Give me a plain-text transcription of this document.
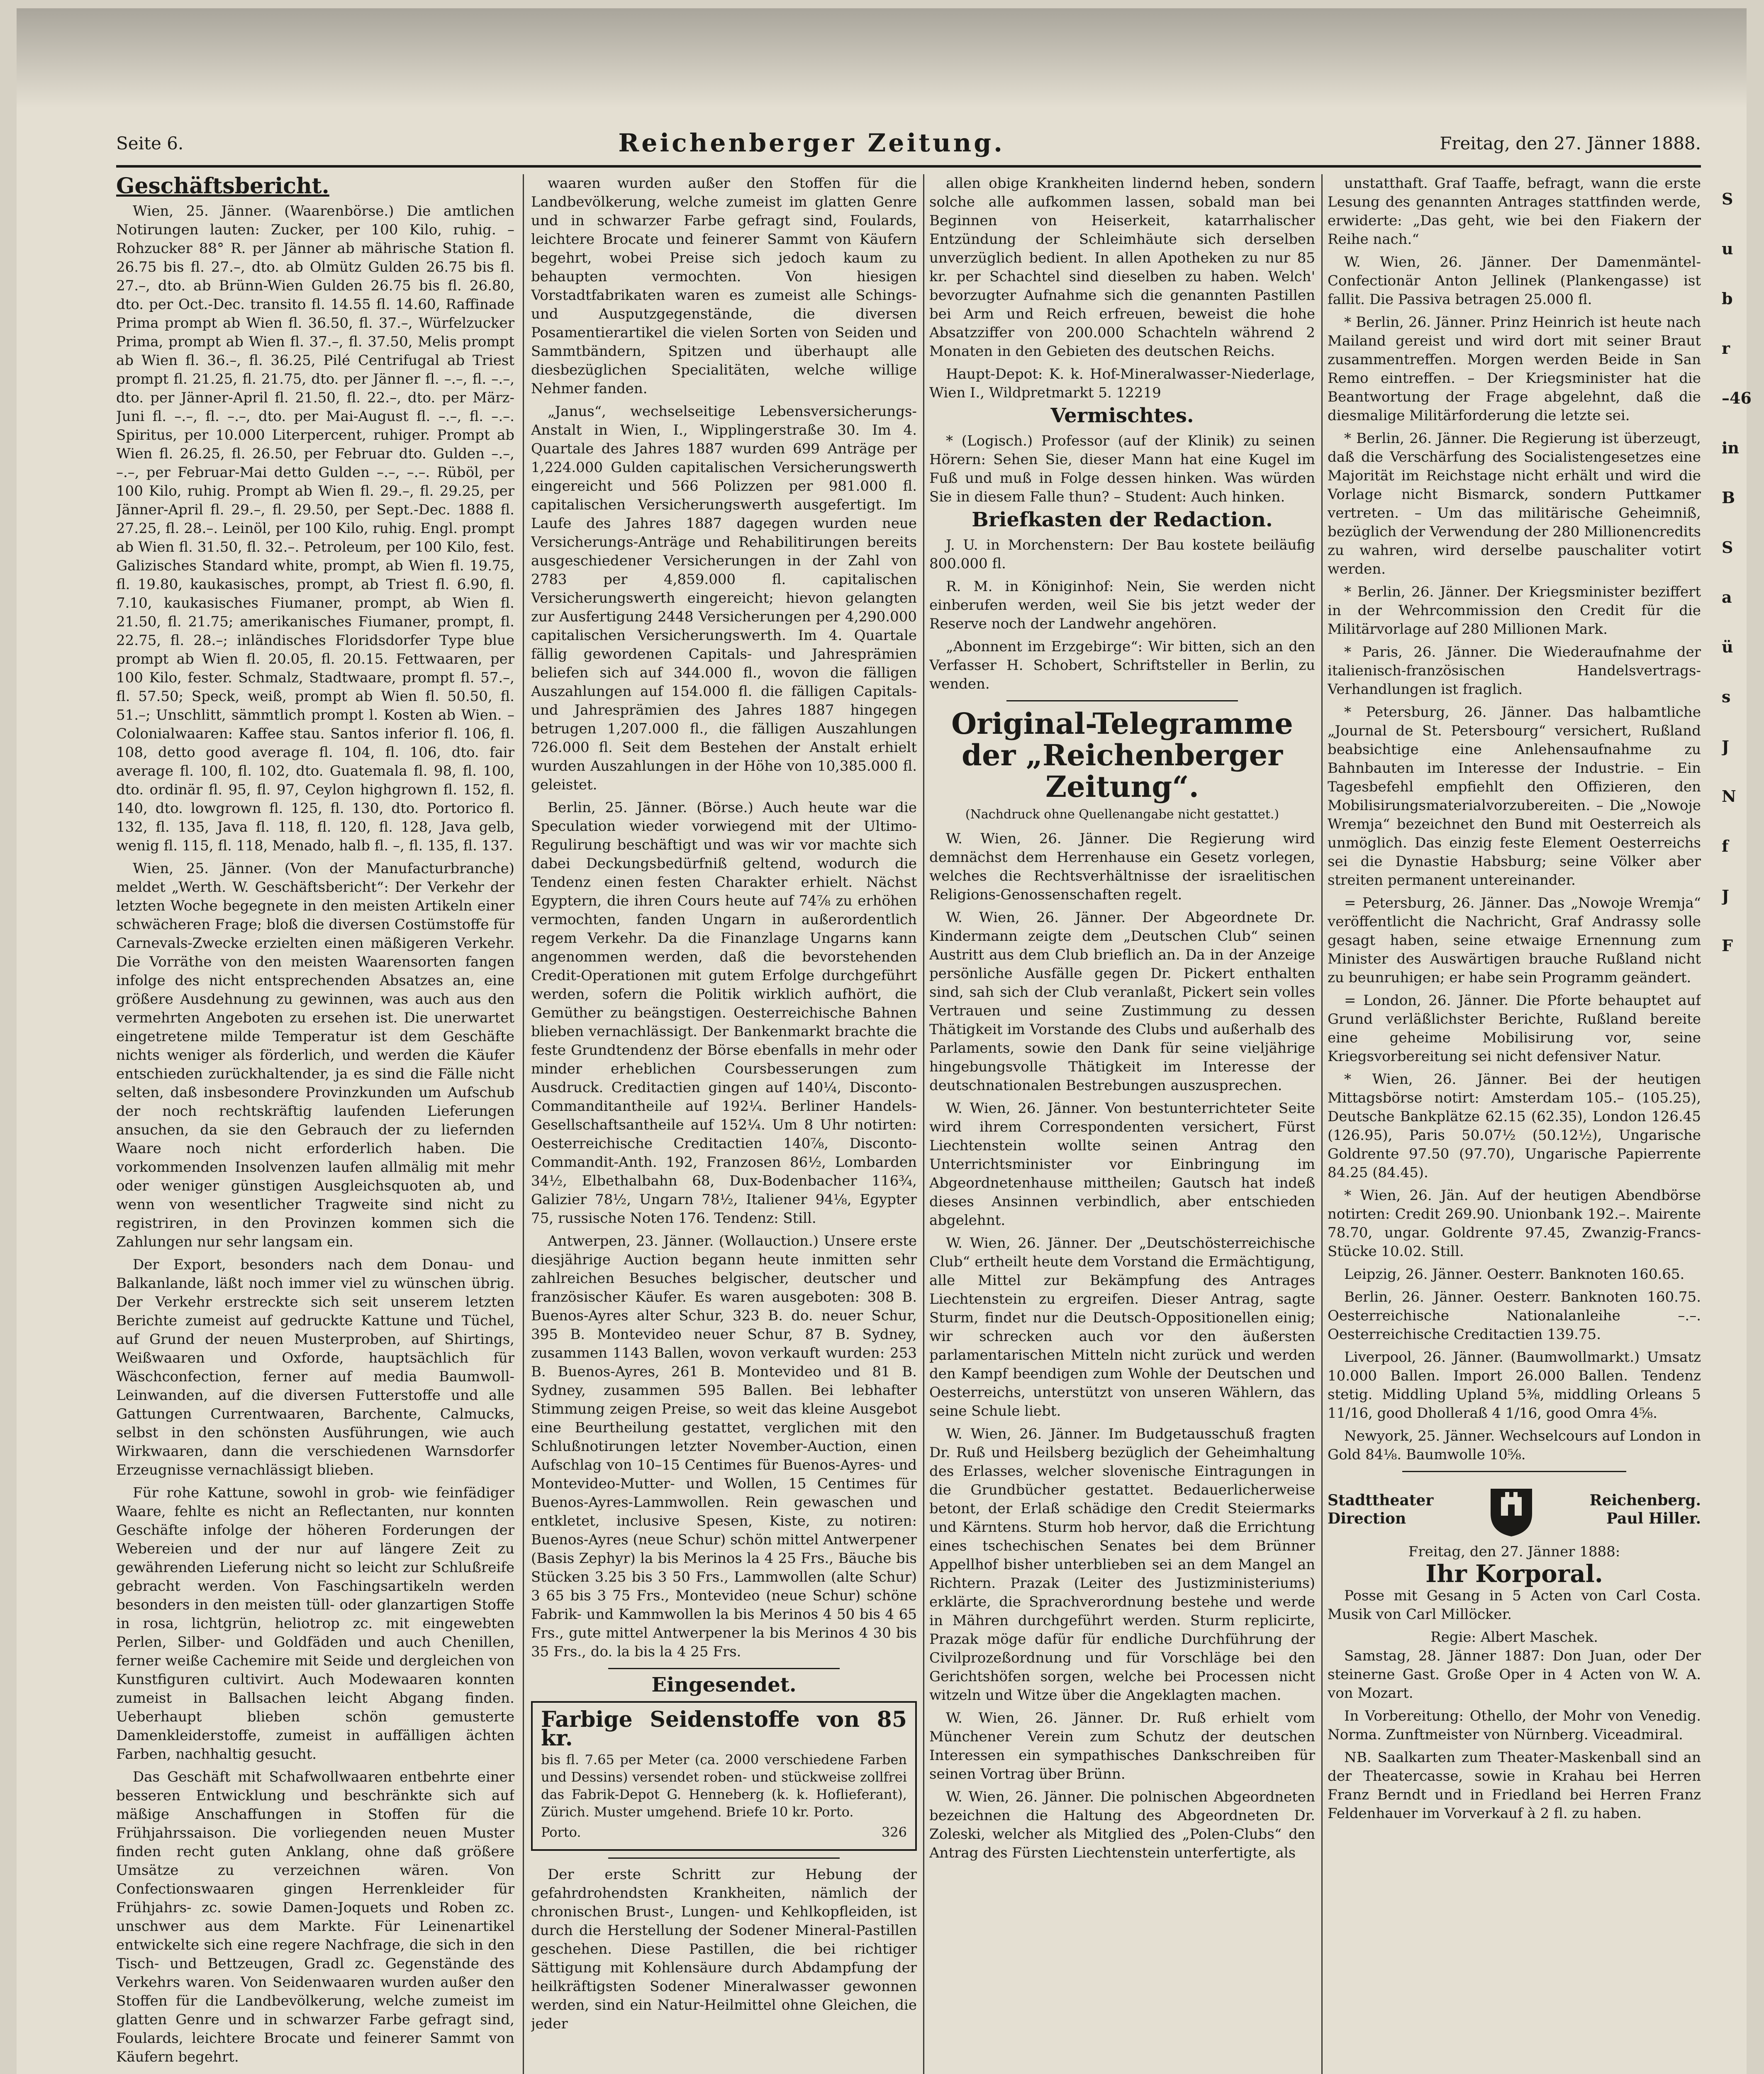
Seite 6.	Reichenberger Zeitung.	Freitag, den 27. Jänner 1888.
Geschäftsbericht.

Wien, 25. Jänner. (Waarenbörse.) Die amtlichen Notirungen lauten: Zucker, per 100 Kilo, ruhig. – Rohzucker 88° R. per Jänner ab mährische Station fl. 26.75 bis fl. 27.–, dto. ab Olmütz Gulden 26.75 bis fl. 27.–, dto. ab Brünn-Wien Gulden 26.75 bis fl. 26.80, dto. per Oct.-Dec. transito fl. 14.55 fl. 14.60, Raffinade Prima prompt ab Wien fl. 36.50, fl. 37.–, Würfelzucker Prima, prompt ab Wien fl. 37.–, fl. 37.50, Melis prompt ab Wien fl. 36.–, fl. 36.25, Pilé Centrifugal ab Triest prompt fl. 21.25, fl. 21.75, dto. per Jänner fl. –.–, fl. –.–, dto. per Jänner-April fl. 21.50, fl. 22.–, dto. per März-Juni fl. –.–, fl. –.–, dto. per Mai-August fl. –.–, fl. –.–. Spiritus, per 10.000 Literpercent, ruhiger. Prompt ab Wien fl. 26.25, fl. 26.50, per Februar dto. Gulden –.–, –.–, per Februar-Mai detto Gulden –.–, –.–. Rüböl, per 100 Kilo, ruhig. Prompt ab Wien fl. 29.–, fl. 29.25, per Jänner-April fl. 29.–, fl. 29.50, per Sept.-Dec. 1888 fl. 27.25, fl. 28.–. Leinöl, per 100 Kilo, ruhig. Engl. prompt ab Wien fl. 31.50, fl. 32.–. Petroleum, per 100 Kilo, fest. Galizisches Standard white, prompt, ab Wien fl. 19.75, fl. 19.80, kaukasisches, prompt, ab Triest fl. 6.90, fl. 7.10, kaukasisches Fiumaner, prompt, ab Wien fl. 21.50, fl. 21.75; amerikanisches Fiumaner, prompt, fl. 22.75, fl. 28.–; inländisches Floridsdorfer Type blue prompt ab Wien fl. 20.05, fl. 20.15. Fettwaaren, per 100 Kilo, fester. Schmalz, Stadtwaare, prompt fl. 57.–, fl. 57.50; Speck, weiß, prompt ab Wien fl. 50.50, fl. 51.–; Unschlitt, sämmtlich prompt l. Kosten ab Wien. – Colonialwaaren: Kaffee stau. Santos inferior fl. 106, fl. 108, detto good average fl. 104, fl. 106, dto. fair average fl. 100, fl. 102, dto. Guatemala fl. 98, fl. 100, dto. ordinär fl. 95, fl. 97, Ceylon highgrown fl. 152, fl. 140, dto. lowgrown fl. 125, fl. 130, dto. Portorico fl. 132, fl. 135, Java fl. 118, fl. 120, fl. 128, Java gelb, wenig fl. 115, fl. 118, Menado, halb fl. –, fl. 135, fl. 137.

Wien, 25. Jänner. (Von der Manufacturbranche) meldet „Werth. W. Geschäftsbericht“: Der Verkehr der letzten Woche begegnete in den meisten Artikeln einer schwächeren Frage; bloß die diversen Costümstoffe für Carnevals-Zwecke erzielten einen mäßigeren Verkehr. Die Vorräthe von den meisten Waarensorten fangen infolge des nicht entsprechenden Absatzes an, eine größere Ausdehnung zu gewinnen, was auch aus den vermehrten Angeboten zu ersehen ist. Die unerwartet eingetretene milde Temperatur ist dem Geschäfte nichts weniger als förderlich, und werden die Käufer entschieden zurückhaltender, ja es sind die Fälle nicht selten, daß insbesondere Provinzkunden um Aufschub der noch rechtskräftig laufenden Lieferungen ansuchen, da sie den Gebrauch der zu liefernden Waare noch nicht erforderlich haben. Die vorkommenden Insolvenzen laufen allmälig mit mehr oder weniger günstigen Ausgleichsquoten ab, und wenn von wesentlicher Tragweite sind nicht zu registriren, in den Provinzen kommen sich die Zahlungen nur sehr langsam ein.

Der Export, besonders nach dem Donau- und Balkanlande, läßt noch immer viel zu wünschen übrig. Der Verkehr erstreckte sich seit unserem letzten Berichte zumeist auf gedruckte Kattune und Tüchel, auf Grund der neuen Musterproben, auf Shirtings, Weißwaaren und Oxforde, hauptsächlich für Wäschconfection, ferner auf media Baumwoll-Leinwanden, auf die diversen Futterstoffe und alle Gattungen Currentwaaren, Barchente, Calmucks, selbst in den schönsten Ausführungen, wie auch Wirkwaaren, dann die verschiedenen Warnsdorfer Erzeugnisse vernachlässigt blieben.

Für rohe Kattune, sowohl in grob- wie feinfädiger Waare, fehlte es nicht an Reflectanten, nur konnten Geschäfte infolge der höheren Forderungen der Webereien und der nur auf längere Zeit zu gewährenden Lieferung nicht so leicht zur Schlußreife gebracht werden. Von Faschingsartikeln werden besonders in den meisten tüll- oder glanzartigen Stoffe in rosa, lichtgrün, heliotrop zc. mit eingewebten Perlen, Silber- und Goldfäden und auch Chenillen, ferner weiße Cachemire mit Seide und dergleichen von Kunstfiguren cultivirt. Auch Modewaaren konnten zumeist in Ballsachen leicht Abgang finden. Ueberhaupt blieben schön gemusterte Damenkleiderstoffe, zumeist in auffälligen ächten Farben, nachhaltig gesucht.

Das Geschäft mit Schafwollwaaren entbehrte einer besseren Entwicklung und beschränkte sich auf mäßige Anschaffungen in Stoffen für die Frühjahrssaison. Die vorliegenden neuen Muster finden recht guten Anklang, ohne daß größere Umsätze zu verzeichnen wären. Von Confectionswaaren gingen Herrenkleider für Frühjahrs- zc. sowie Damen-Joquets und Roben zc. unschwer aus dem Markte. Für Leinenartikel entwickelte sich eine regere Nachfrage, die sich in den Tisch- und Bettzeugen, Gradl zc. Gegenstände des Verkehrs waren. Von Seidenwaaren wurden außer den Stoffen für die Landbevölkerung, welche zumeist im glatten Genre und in schwarzer Farbe gefragt sind, Foulards, leichtere Brocate und feinerer Sammt von Käufern begehrt.

waaren wurden außer den Stoffen für die Landbevölkerung, welche zumeist im glatten Genre und in schwarzer Farbe gefragt sind, Foulards, leichtere Brocate und feinerer Sammt von Käufern begehrt, wobei Preise sich jedoch kaum zu behaupten vermochten. Von hiesigen Vorstadtfabrikaten waren es zumeist alle Schings- und Ausputzgegenstände, die diversen Posamentierartikel die vielen Sorten von Seiden und Sammtbändern, Spitzen und überhaupt alle diesbezüglichen Specialitäten, welche willige Nehmer fanden.

„Janus“, wechselseitige Lebensversicherungs-Anstalt in Wien, I., Wipplingerstraße 30. Im 4. Quartale des Jahres 1887 wurden 699 Anträge per 1,224.000 Gulden capitalischen Versicherungswerth eingereicht und 566 Polizzen per 981.000 fl. capitalischen Versicherungswerth ausgefertigt. Im Laufe des Jahres 1887 dagegen wurden neue Versicherungs-Anträge und Rehabilitirungen bereits ausgeschiedener Versicherungen in der Zahl von 2783 per 4,859.000 fl. capitalischen Versicherungswerth eingereicht; hievon gelangten zur Ausfertigung 2448 Versicherungen per 4,290.000 capitalischen Versicherungswerth. Im 4. Quartale fällig gewordenen Capitals- und Jahresprämien beliefen sich auf 344.000 fl., wovon die fälligen Auszahlungen auf 154.000 fl. die fälligen Capitals- und Jahresprämien des Jahres 1887 hingegen betrugen 1,207.000 fl., die fälligen Auszahlungen 726.000 fl. Seit dem Bestehen der Anstalt erhielt wurden Auszahlungen in der Höhe von 10,385.000 fl. geleistet.

Berlin, 25. Jänner. (Börse.) Auch heute war die Speculation wieder vorwiegend mit der Ultimo-Regulirung beschäftigt und was wir vor machte sich dabei Deckungsbedürfniß geltend, wodurch die Tendenz einen festen Charakter erhielt. Nächst Egyptern, die ihren Cours heute auf 74⅞ zu erhöhen vermochten, fanden Ungarn in außerordentlich regem Verkehr. Da die Finanzlage Ungarns kann angenommen werden, daß die bevorstehenden Credit-Operationen mit gutem Erfolge durchgeführt werden, sofern die Politik wirklich aufhört, die Gemüther zu beängstigen. Oesterreichische Bahnen blieben vernachlässigt. Der Bankenmarkt brachte die feste Grundtendenz der Börse ebenfalls in mehr oder minder erheblichen Coursbesserungen zum Ausdruck. Creditactien gingen auf 140¼, Disconto-Commanditantheile auf 192¼. Berliner Handels-Gesellschaftsantheile auf 152¼. Um 8 Uhr notirten: Oesterreichische Creditactien 140⅞, Disconto-Commandit-Anth. 192, Franzosen 86½, Lombarden 34½, Elbethalbahn 68, Dux-Bodenbacher 116¾, Galizier 78½, Ungarn 78½, Italiener 94⅛, Egypter 75, russische Noten 176. Tendenz: Still.

Antwerpen, 23. Jänner. (Wollauction.) Unsere erste diesjährige Auction begann heute inmitten sehr zahlreichen Besuches belgischer, deutscher und französischer Käufer. Es waren ausgeboten: 308 B. Buenos-Ayres alter Schur, 323 B. do. neuer Schur, 395 B. Montevideo neuer Schur, 87 B. Sydney, zusammen 1143 Ballen, wovon verkauft wurden: 253 B. Buenos-Ayres, 261 B. Montevideo und 81 B. Sydney, zusammen 595 Ballen. Bei lebhafter Stimmung zeigen Preise, so weit das kleine Ausgebot eine Beurtheilung gestattet, verglichen mit den Schlußnotirungen letzter November-Auction, einen Aufschlag von 10–15 Centimes für Buenos-Ayres- und Montevideo-Mutter- und Wollen, 15 Centimes für Buenos-Ayres-Lammwollen. Rein gewaschen und entkletet, inclusive Spesen, Kiste, zu notiren: Buenos-Ayres (neue Schur) schön mittel Antwerpener (Basis Zephyr) la bis Merinos la 4 25 Frs., Bäuche bis Stücken 3.25 bis 3 50 Frs., Lammwollen (alte Schur) 3 65 bis 3 75 Frs., Montevideo (neue Schur) schöne Fabrik- und Kammwollen la bis Merinos 4 50 bis 4 65 Frs., gute mittel Antwerpener la bis Merinos 4 30 bis 35 Frs., do. la bis la 4 25 Frs.

Eingesendet.
Farbige Seidenstoffe von 85 kr.
bis fl. 7.65 per Meter (ca. 2000 verschiedene Farben und Dessins) versendet roben- und stückweise zollfrei das Fabrik-Depot G. Henneberg (k. k. Hoflieferant), Zürich. Muster umgehend. Briefe 10 kr. Porto.
Porto.	326

Der erste Schritt zur Hebung der gefahrdrohendsten Krankheiten, nämlich der chronischen Brust-, Lungen- und Kehlkopfleiden, ist durch die Herstellung der Sodener Mineral-Pastillen geschehen. Diese Pastillen, die bei richtiger Sättigung mit Kohlensäure durch Abdampfung der heilkräftigsten Sodener Mineralwasser gewonnen werden, sind ein Natur-Heilmittel ohne Gleichen, die jeder

allen obige Krankheiten lindernd heben, sondern solche alle aufkommen lassen, sobald man bei Beginnen von Heiserkeit, katarrhalischer Entzündung der Schleimhäute sich derselben unverzüglich bedient. In allen Apotheken zu nur 85 kr. per Schachtel sind dieselben zu haben. Welch' bevorzugter Aufnahme sich die genannten Pastillen bei Arm und Reich erfreuen, beweist die hohe Absatzziffer von 200.000 Schachteln während 2 Monaten in den Gebieten des deutschen Reichs.

Haupt-Depot: K. k. Hof-Mineralwasser-Niederlage, Wien I., Wildpretmarkt 5. 12219

Vermischtes.

* (Logisch.) Professor (auf der Klinik) zu seinen Hörern: Sehen Sie, dieser Mann hat eine Kugel im Fuß und muß in Folge dessen hinken. Was würden Sie in diesem Falle thun? – Student: Auch hinken.

Briefkasten der Redaction.

J. U. in Morchenstern: Der Bau kostete beiläufig 800.000 fl.

R. M. in Königinhof: Nein, Sie werden nicht einberufen werden, weil Sie bis jetzt weder der Reserve noch der Landwehr angehören.

„Abonnent im Erzgebirge“: Wir bitten, sich an den Verfasser H. Schobert, Schriftsteller in Berlin, zu wenden.

Original-Telegramme der „Reichenberger Zeitung“.
(Nachdruck ohne Quellenangabe nicht gestattet.)

W. Wien, 26. Jänner. Die Regierung wird demnächst dem Herrenhause ein Gesetz vorlegen, welches die Rechtsverhältnisse der israelitischen Religions-Genossenschaften regelt.

W. Wien, 26. Jänner. Der Abgeordnete Dr. Kindermann zeigte dem „Deutschen Club“ seinen Austritt aus dem Club brieflich an. Da in der Anzeige persönliche Ausfälle gegen Dr. Pickert enthalten sind, sah sich der Club veranlaßt, Pickert sein volles Vertrauen und seine Zustimmung zu dessen Thätigkeit im Vorstande des Clubs und außerhalb des Parlaments, sowie den Dank für seine vieljährige hingebungsvolle Thätigkeit im Interesse der deutschnationalen Bestrebungen auszusprechen.

W. Wien, 26. Jänner. Von bestunterrichteter Seite wird ihrem Correspondenten versichert, Fürst Liechtenstein wollte seinen Antrag den Unterrichtsminister vor Einbringung im Abgeordnetenhause mittheilen; Gautsch hat indeß dieses Ansinnen verbindlich, aber entschieden abgelehnt.

W. Wien, 26. Jänner. Der „Deutschösterreichische Club“ ertheilt heute dem Vorstand die Ermächtigung, alle Mittel zur Bekämpfung des Antrages Liechtenstein zu ergreifen. Dieser Antrag, sagte Sturm, findet nur die Deutsch-Oppositionellen einig; wir schrecken auch vor den äußersten parlamentarischen Mitteln nicht zurück und werden den Kampf beendigen zum Wohle der Deutschen und Oesterreichs, unterstützt von unseren Wählern, das seine Schule liebt.

W. Wien, 26. Jänner. Im Budgetausschuß fragten Dr. Ruß und Heilsberg bezüglich der Geheimhaltung des Erlasses, welcher slovenische Eintragungen in die Grundbücher gestattet. Bedauerlicherweise betont, der Erlaß schädige den Credit Steiermarks und Kärntens. Sturm hob hervor, daß die Errichtung eines tschechischen Senates bei dem Brünner Appellhof bisher unterblieben sei an dem Mangel an Richtern. Prazak (Leiter des Justizministeriums) erklärte, die Sprachverordnung bestehe und werde in Mähren durchgeführt werden. Sturm replicirte, Prazak möge dafür für endliche Durchführung der Civilprozeßordnung und für Vorschläge bei den Gerichtshöfen sorgen, welche bei Processen nicht witzeln und Witze über die Angeklagten machen.

W. Wien, 26. Jänner. Dr. Ruß erhielt vom Münchener Verein zum Schutz der deutschen Interessen ein sympathisches Dankschreiben für seinen Vortrag über Brünn.

W. Wien, 26. Jänner. Die polnischen Abgeordneten bezeichnen die Haltung des Abgeordneten Dr. Zoleski, welcher als Mitglied des „Polen-Clubs“ den Antrag des Fürsten Liechtenstein unterfertigte, als

unstatthaft. Graf Taaffe, befragt, wann die erste Lesung des genannten Antrages stattfinden werde, erwiderte: „Das geht, wie bei den Fiakern der Reihe nach.“

W. Wien, 26. Jänner. Der Damenmäntel-Confectionär Anton Jellinek (Plankengasse) ist fallit. Die Passiva betragen 25.000 fl.

* Berlin, 26. Jänner. Prinz Heinrich ist heute nach Mailand gereist und wird dort mit seiner Braut zusammentreffen. Morgen werden Beide in San Remo eintreffen. – Der Kriegsminister hat die Beantwortung der Frage abgelehnt, daß die diesmalige Militärforderung die letzte sei.

* Berlin, 26. Jänner. Die Regierung ist überzeugt, daß die Verschärfung des Socialistengesetzes eine Majorität im Reichstage nicht erhält und wird die Vorlage nicht Bismarck, sondern Puttkamer vertreten. – Um das militärische Geheimniß, bezüglich der Verwendung der 280 Millionencredits zu wahren, wird derselbe pauschaliter votirt werden.

* Berlin, 26. Jänner. Der Kriegsminister beziffert in der Wehrcommission den Credit für die Militärvorlage auf 280 Millionen Mark.

* Paris, 26. Jänner. Die Wiederaufnahme der italienisch-französischen Handelsvertrags-Verhandlungen ist fraglich.

* Petersburg, 26. Jänner. Das halbamtliche „Journal de St. Petersbourg“ versichert, Rußland beabsichtige eine Anlehensaufnahme zu Bahnbauten im Interesse der Industrie. – Ein Tagesbefehl empfiehlt den Offizieren, den Mobilisirungsmaterialvorzubereiten. – Die „Nowoje Wremja“ bezeichnet den Bund mit Oesterreich als unmöglich. Das einzig feste Element Oesterreichs sei die Dynastie Habsburg; seine Völker aber streiten permanent untereinander.

= Petersburg, 26. Jänner. Das „Nowoje Wremja“ veröffentlicht die Nachricht, Graf Andrassy solle gesagt haben, seine etwaige Ernennung zum Minister des Auswärtigen brauche Rußland nicht zu beunruhigen; er habe sein Programm geändert.

= London, 26. Jänner. Die Pforte behauptet auf Grund verläßlichster Berichte, Rußland bereite eine geheime Mobilisirung vor, seine Kriegsvorbereitung sei nicht defensiver Natur.

* Wien, 26. Jänner. Bei der heutigen Mittagsbörse notirt: Amsterdam 105.– (105.25), Deutsche Bankplätze 62.15 (62.35), London 126.45 (126.95), Paris 50.07½ (50.12½), Ungarische Goldrente 97.50 (97.70), Ungarische Papierrente 84.25 (84.45).

* Wien, 26. Jän. Auf der heutigen Abendbörse notirten: Credit 269.90. Unionbank 192.–. Mairente 78.70, ungar. Goldrente 97.45, Zwanzig-Francs-Stücke 10.02. Still.

Leipzig, 26. Jänner. Oesterr. Banknoten 160.65.

Berlin, 26. Jänner. Oesterr. Banknoten 160.75. Oesterreichische Nationalanleihe –.–. Oesterreichische Creditactien 139.75.

Liverpool, 26. Jänner. (Baumwollmarkt.) Umsatz 10.000 Ballen. Import 26.000 Ballen. Tendenz stetig. Middling Upland 5⅜, middling Orleans 5 11/16, good Dholleraß 4 1/16, good Omra 4⅝.

Newyork, 25. Jänner. Wechselcours auf London in Gold 84⅛. Baumwolle 10⅝.

Stadttheater
Direction
Reichenberg.
Paul Hiller.
Freitag, den 27. Jänner 1888:
Ihr Korporal.

Posse mit Gesang in 5 Acten von Carl Costa. Musik von Carl Millöcker.

Regie: Albert Maschek.

Samstag, 28. Jänner 1887: Don Juan, oder Der steinerne Gast. Große Oper in 4 Acten von W. A. von Mozart.

In Vorbereitung: Othello, der Mohr von Venedig. Norma. Zunftmeister von Nürnberg. Viceadmiral.

NB. Saalkarten zum Theater-Maskenball sind an der Theatercasse, sowie in Krahau bei Herren Franz Berndt und in Friedland bei Herren Franz Feldenhauer im Vorverkauf à 2 fl. zu haben.

S
u
b
r
–46
in
B
S
a
ü
s
J
N
f
J
F
